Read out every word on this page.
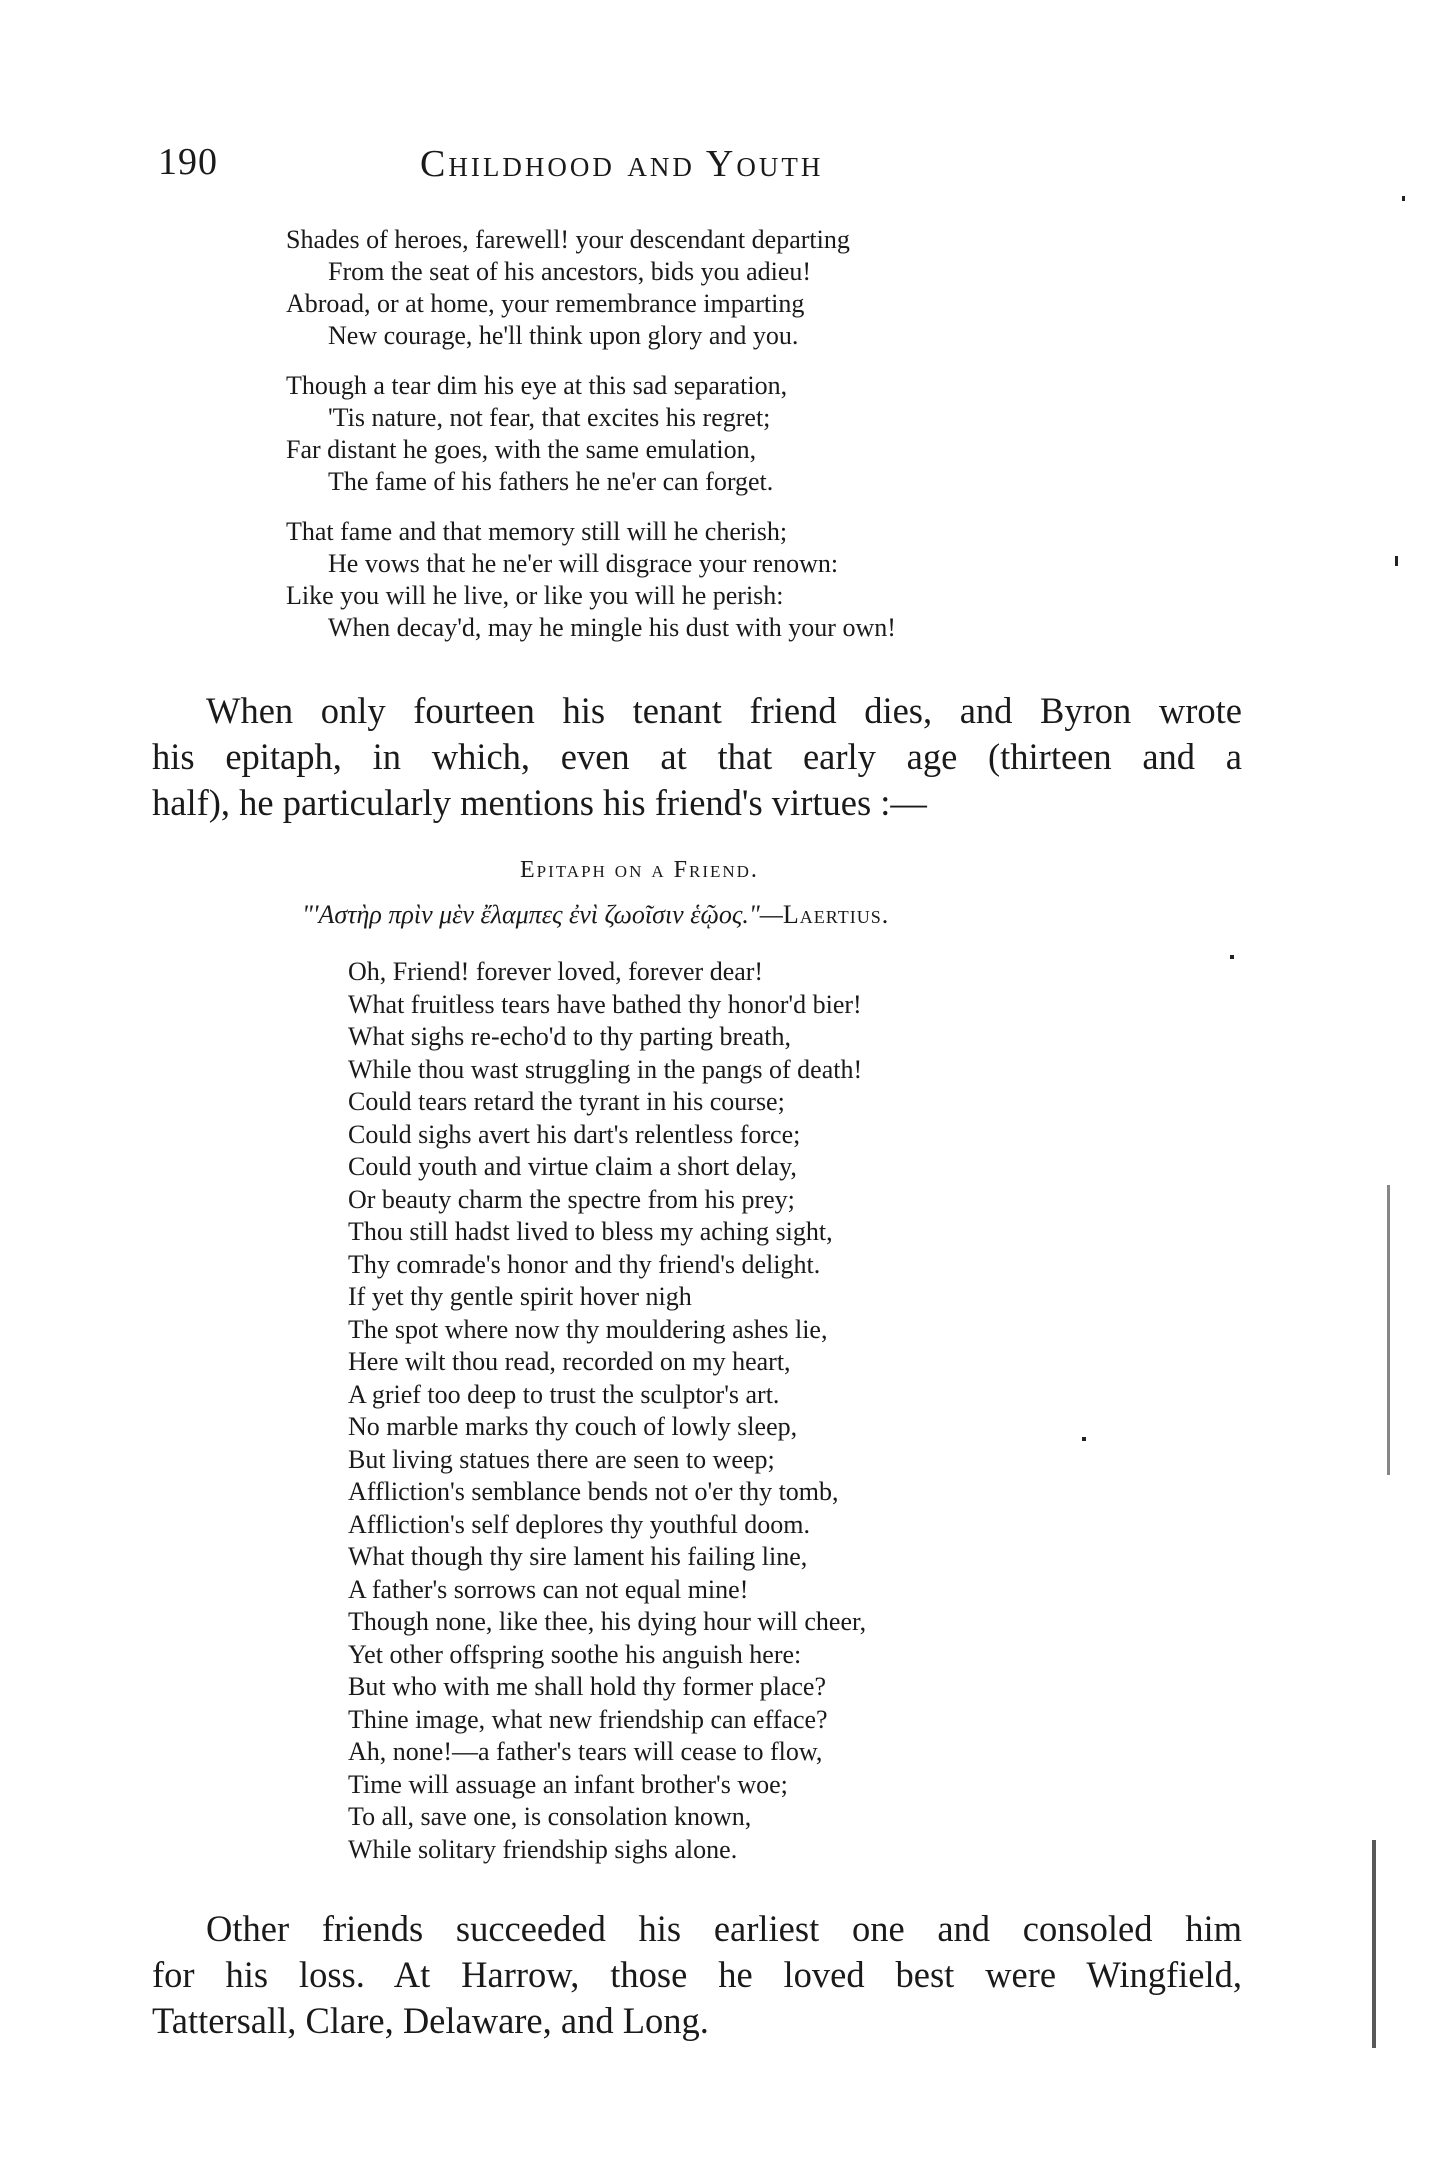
190	Childhood and Youth
Shades of heroes, farewell! your descendant departing
From the seat of his ancestors, bids you adieu!
Abroad, or at home, your remembrance imparting
New courage, he'll think upon glory and you.
Though a tear dim his eye at this sad separation,
'Tis nature, not fear, that excites his regret;
Far distant he goes, with the same emulation,
The fame of his fathers he ne'er can forget.
That fame and that memory still will he cherish;
He vows that he ne'er will disgrace your renown:
Like you will he live, or like you will he perish:
When decay'd, may he mingle his dust with your own!
When only fourteen his tenant friend dies, and Byron wrote
his epitaph, in which, even at that early age (thirteen and a
half), he particularly mentions his friend's virtues :—
Epitaph on a Friend.
"'Αστὴρ πρὶν μὲν ἔλαμπες ἐνὶ ζωοῖσιν ἑῷος."—Laertius.
Oh, Friend! forever loved, forever dear!
What fruitless tears have bathed thy honor'd bier!
What sighs re-echo'd to thy parting breath,
While thou wast struggling in the pangs of death!
Could tears retard the tyrant in his course;
Could sighs avert his dart's relentless force;
Could youth and virtue claim a short delay,
Or beauty charm the spectre from his prey;
Thou still hadst lived to bless my aching sight,
Thy comrade's honor and thy friend's delight.
If yet thy gentle spirit hover nigh
The spot where now thy mouldering ashes lie,
Here wilt thou read, recorded on my heart,
A grief too deep to trust the sculptor's art.
No marble marks thy couch of lowly sleep,
But living statues there are seen to weep;
Affliction's semblance bends not o'er thy tomb,
Affliction's self deplores thy youthful doom.
What though thy sire lament his failing line,
A father's sorrows can not equal mine!
Though none, like thee, his dying hour will cheer,
Yet other offspring soothe his anguish here:
But who with me shall hold thy former place?
Thine image, what new friendship can efface?
Ah, none!—a father's tears will cease to flow,
Time will assuage an infant brother's woe;
To all, save one, is consolation known,
While solitary friendship sighs alone.
Other friends succeeded his earliest one and consoled him
for his loss. At Harrow, those he loved best were Wingfield,
Tattersall, Clare, Delaware, and Long.
